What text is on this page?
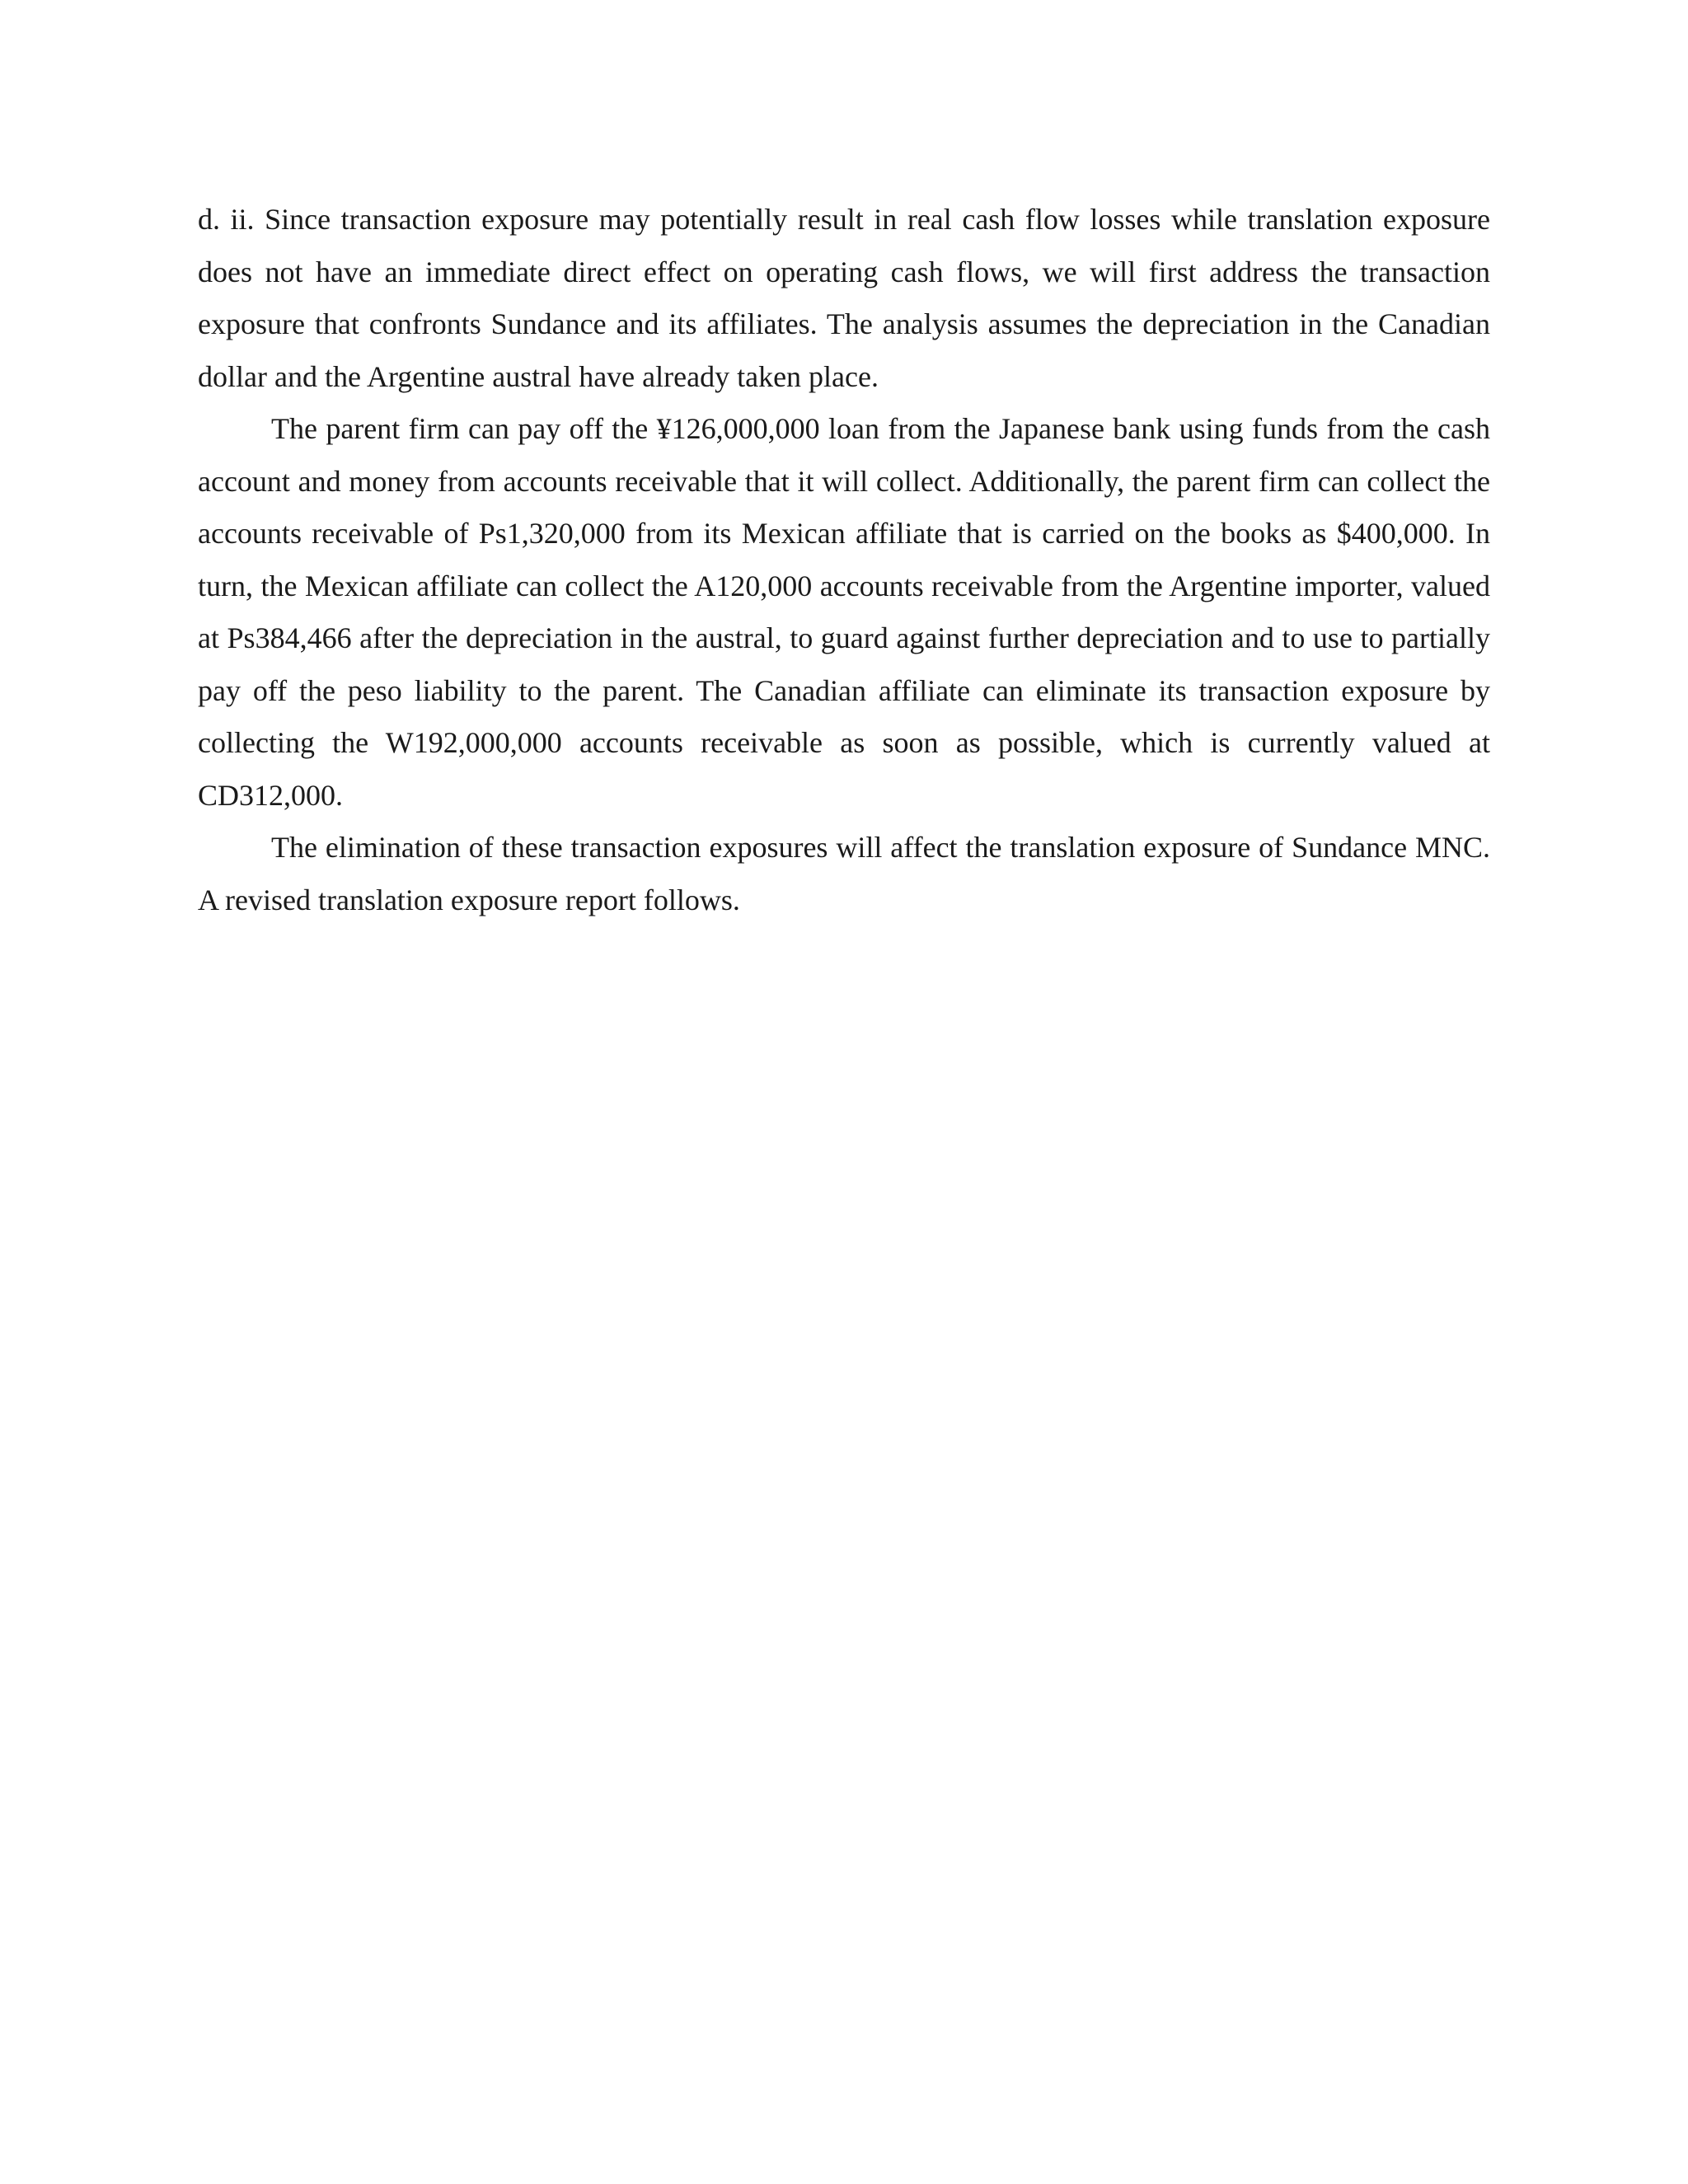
d. ii. Since transaction exposure may potentially result in real cash flow losses while translation exposure does not have an immediate direct effect on operating cash flows, we will first address the transaction exposure that confronts Sundance and its affiliates. The analysis assumes the depreciation in the Canadian dollar and the Argentine austral have already taken place.

The parent firm can pay off the ¥126,000,000 loan from the Japanese bank using funds from the cash account and money from accounts receivable that it will collect. Additionally, the parent firm can collect the accounts receivable of Ps1,320,000 from its Mexican affiliate that is carried on the books as $400,000. In turn, the Mexican affiliate can collect the A120,000 accounts receivable from the Argentine importer, valued at Ps384,466 after the depreciation in the austral, to guard against further depreciation and to use to partially pay off the peso liability to the parent. The Canadian affiliate can eliminate its transaction exposure by collecting the W192,000,000 accounts receivable as soon as possible, which is currently valued at CD312,000.

The elimination of these transaction exposures will affect the translation exposure of Sundance MNC. A revised translation exposure report follows.
